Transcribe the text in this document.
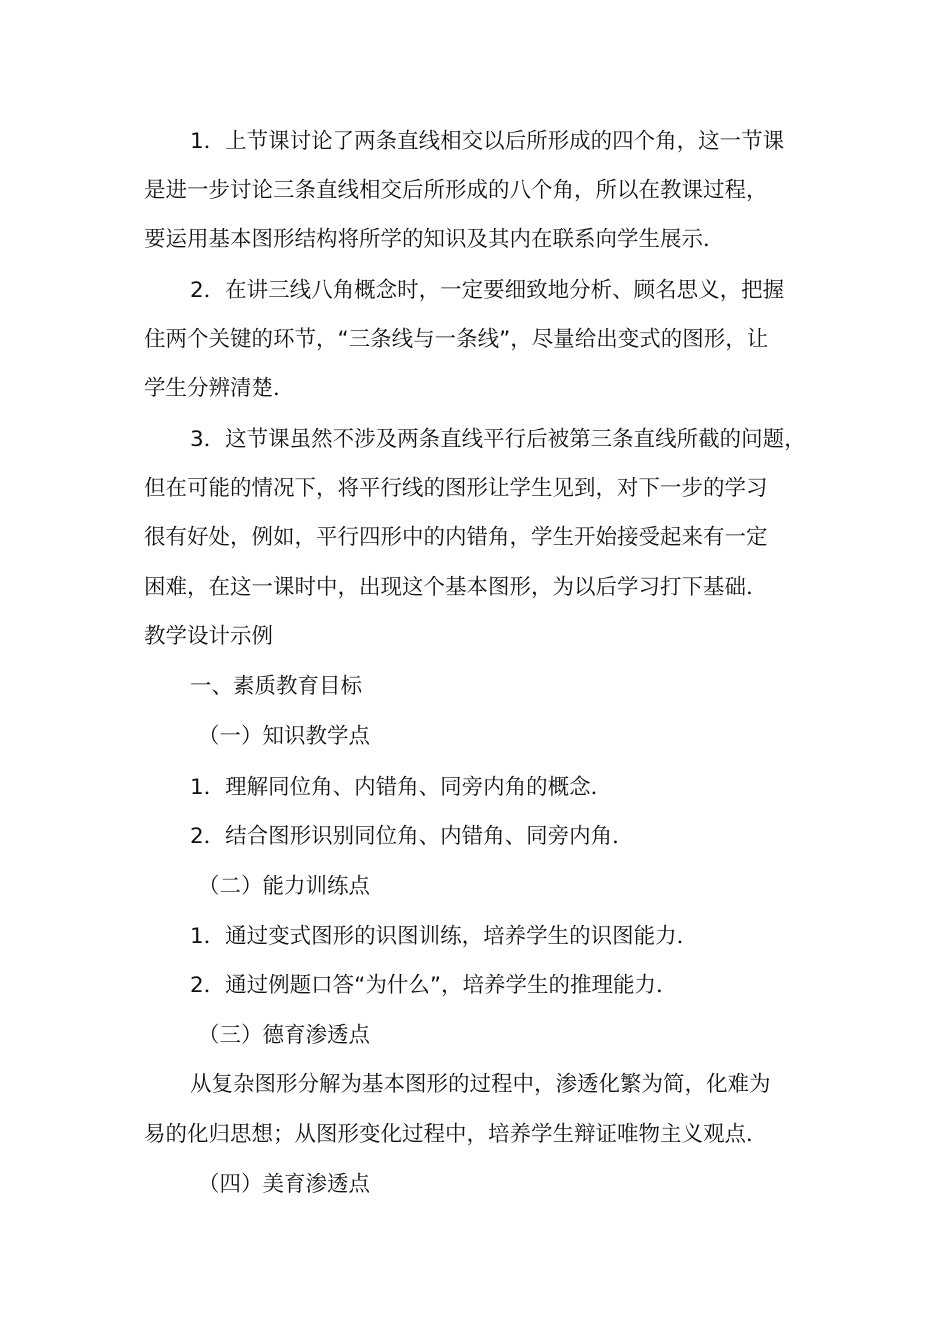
1．上节课讨论了两条直线相交以后所形成的四个角，这一节课
是进一步讨论三条直线相交后所形成的八个角，所以在教课过程，
要运用基本图形结构将所学的知识及其内在联系向学生展示．
2．在讲三线八角概念时，一定要细致地分析、顾名思义，把握
住两个关键的环节，“三条线与一条线”，尽量给出变式的图形，让
学生分辨清楚．
3．这节课虽然不涉及两条直线平行后被第三条直线所截的问题，
但在可能的情况下，将平行线的图形让学生见到，对下一步的学习
很有好处，例如，平行四形中的内错角，学生开始接受起来有一定
困难，在这一课时中，出现这个基本图形，为以后学习打下基础．
教学设计示例
一、素质教育目标
（一）知识教学点
1．理解同位角、内错角、同旁内角的概念．
2．结合图形识别同位角、内错角、同旁内角．
（二）能力训练点
1．通过变式图形的识图训练，培养学生的识图能力．
2．通过例题口答“为什么”，培养学生的推理能力．
（三）德育渗透点
从复杂图形分解为基本图形的过程中，渗透化繁为简，化难为
易的化归思想；从图形变化过程中，培养学生辩证唯物主义观点．
（四）美育渗透点
